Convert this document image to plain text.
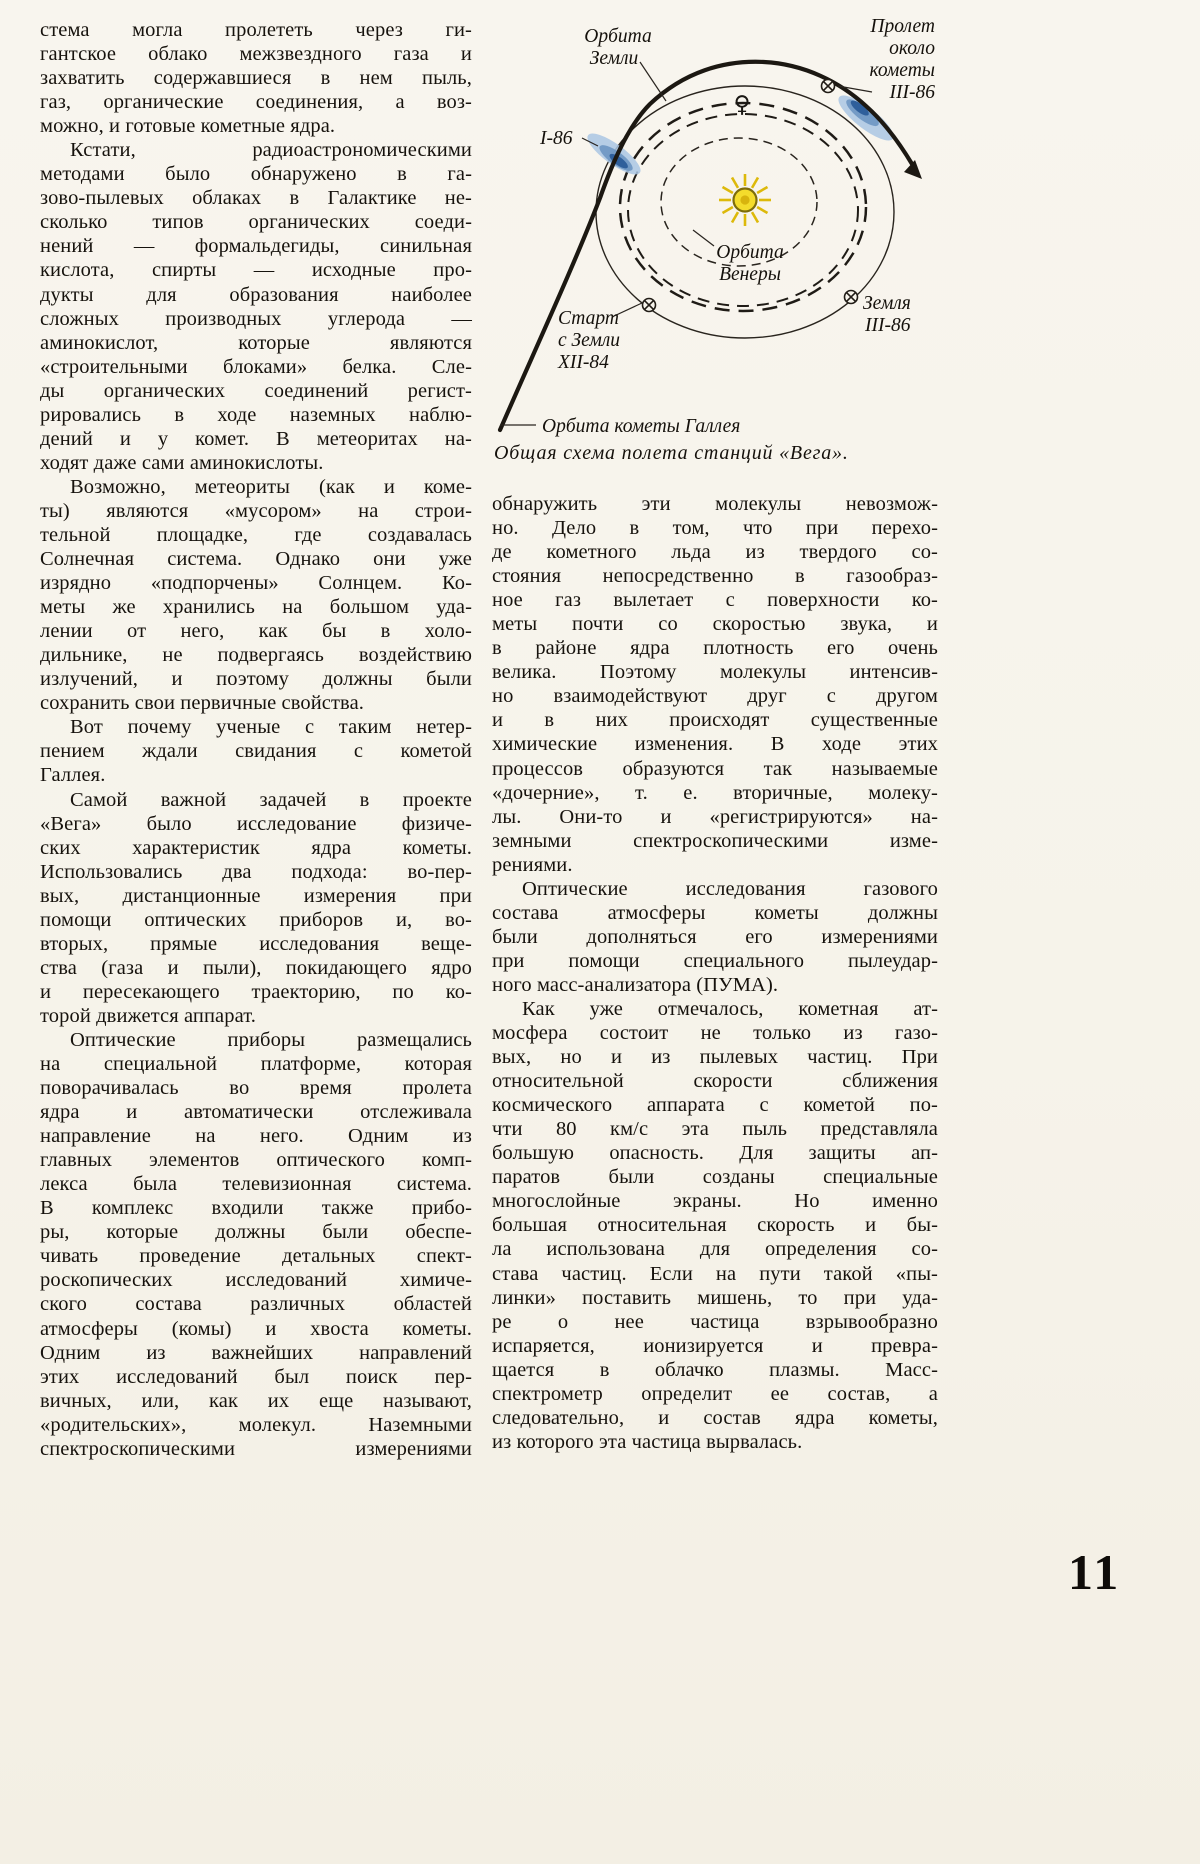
стема могла пролететь через ги-
гантское облако межзвездного газа и
захватить содержавшиеся в нем пыль,
газ, органические соединения, а воз-
можно, и готовые кометные ядра.
Кстати, радиоастрономическими
методами было обнаружено в га-
зово-пылевых облаках в Галактике не-
сколько типов органических соеди-
нений — формальдегиды, синильная
кислота, спирты — исходные про-
дукты для образования наиболее
сложных производных углерода —
аминокислот, которые являются
«строительными блоками» белка. Сле-
ды органических соединений регист-
рировались в ходе наземных наблю-
дений и у комет. В метеоритах на-
ходят даже сами аминокислоты.
Возможно, метеориты (как и коме-
ты) являются «мусором» на строи-
тельной площадке, где создавалась
Солнечная система. Однако они уже
изрядно «подпорчены» Солнцем. Ко-
меты же хранились на большом уда-
лении от него, как бы в холо-
дильнике, не подвергаясь воздействию
излучений, и поэтому должны были
сохранить свои первичные свойства.
Вот почему ученые с таким нетер-
пением ждали свидания с кометой
Галлея.
Самой важной задачей в проекте
«Вега» было исследование физиче-
ских характеристик ядра кометы.
Использовались два подхода: во-пер-
вых, дистанционные измерения при
помощи оптических приборов и, во-
вторых, прямые исследования веще-
ства (газа и пыли), покидающего ядро
и пересекающего траекторию, по ко-
торой движется аппарат.
Оптические приборы размещались
на специальной платформе, которая
поворачивалась во время пролета
ядра и автоматически отслеживала
направление на него. Одним из
главных элементов оптического комп-
лекса была телевизионная система.
В комплекс входили также прибо-
ры, которые должны были обеспе-
чивать проведение детальных спект-
роскопических исследований химиче-
ского состава различных областей
атмосферы (комы) и хвоста кометы.
Одним из важнейших направлений
этих исследований был поиск пер-
вичных, или, как их еще называют,
«родительских», молекул. Наземными
спектроскопическими измерениями
♀
Орбита
Земли
Пролет
около
кометы
III-86
I-86
Орбита
Венеры
Старт
с Земли
XII-84
Земля
III-86
Орбита кометы Галлея
Общая схема полета станций «Вега».
обнаружить эти молекулы невозмож-
но. Дело в том, что при перехо-
де кометного льда из твердого со-
стояния непосредственно в газообраз-
ное газ вылетает с поверхности ко-
меты почти со скоростью звука, и
в районе ядра плотность его очень
велика. Поэтому молекулы интенсив-
но взаимодействуют друг с другом
и в них происходят существенные
химические изменения. В ходе этих
процессов образуются так называемые
«дочерние», т. е. вторичные, молеку-
лы. Они-то и «регистрируются» на-
земными спектроскопическими изме-
рениями.
Оптические исследования газового
состава атмосферы кометы должны
были дополняться его измерениями
при помощи специального пылеудар-
ного масс-анализатора (ПУМА).
Как уже отмечалось, кометная ат-
мосфера состоит не только из газо-
вых, но и из пылевых частиц. При
относительной скорости сближения
космического аппарата с кометой по-
чти 80 км/с эта пыль представляла
большую опасность. Для защиты ап-
паратов были созданы специальные
многослойные экраны. Но именно
большая относительная скорость и бы-
ла использована для определения со-
става частиц. Если на пути такой «пы-
линки» поставить мишень, то при уда-
ре о нее частица взрывообразно
испаряется, ионизируется и превра-
щается в облачко плазмы. Масс-
спектрометр определит ее состав, а
следовательно, и состав ядра кометы,
из которого эта частица вырвалась.
11
